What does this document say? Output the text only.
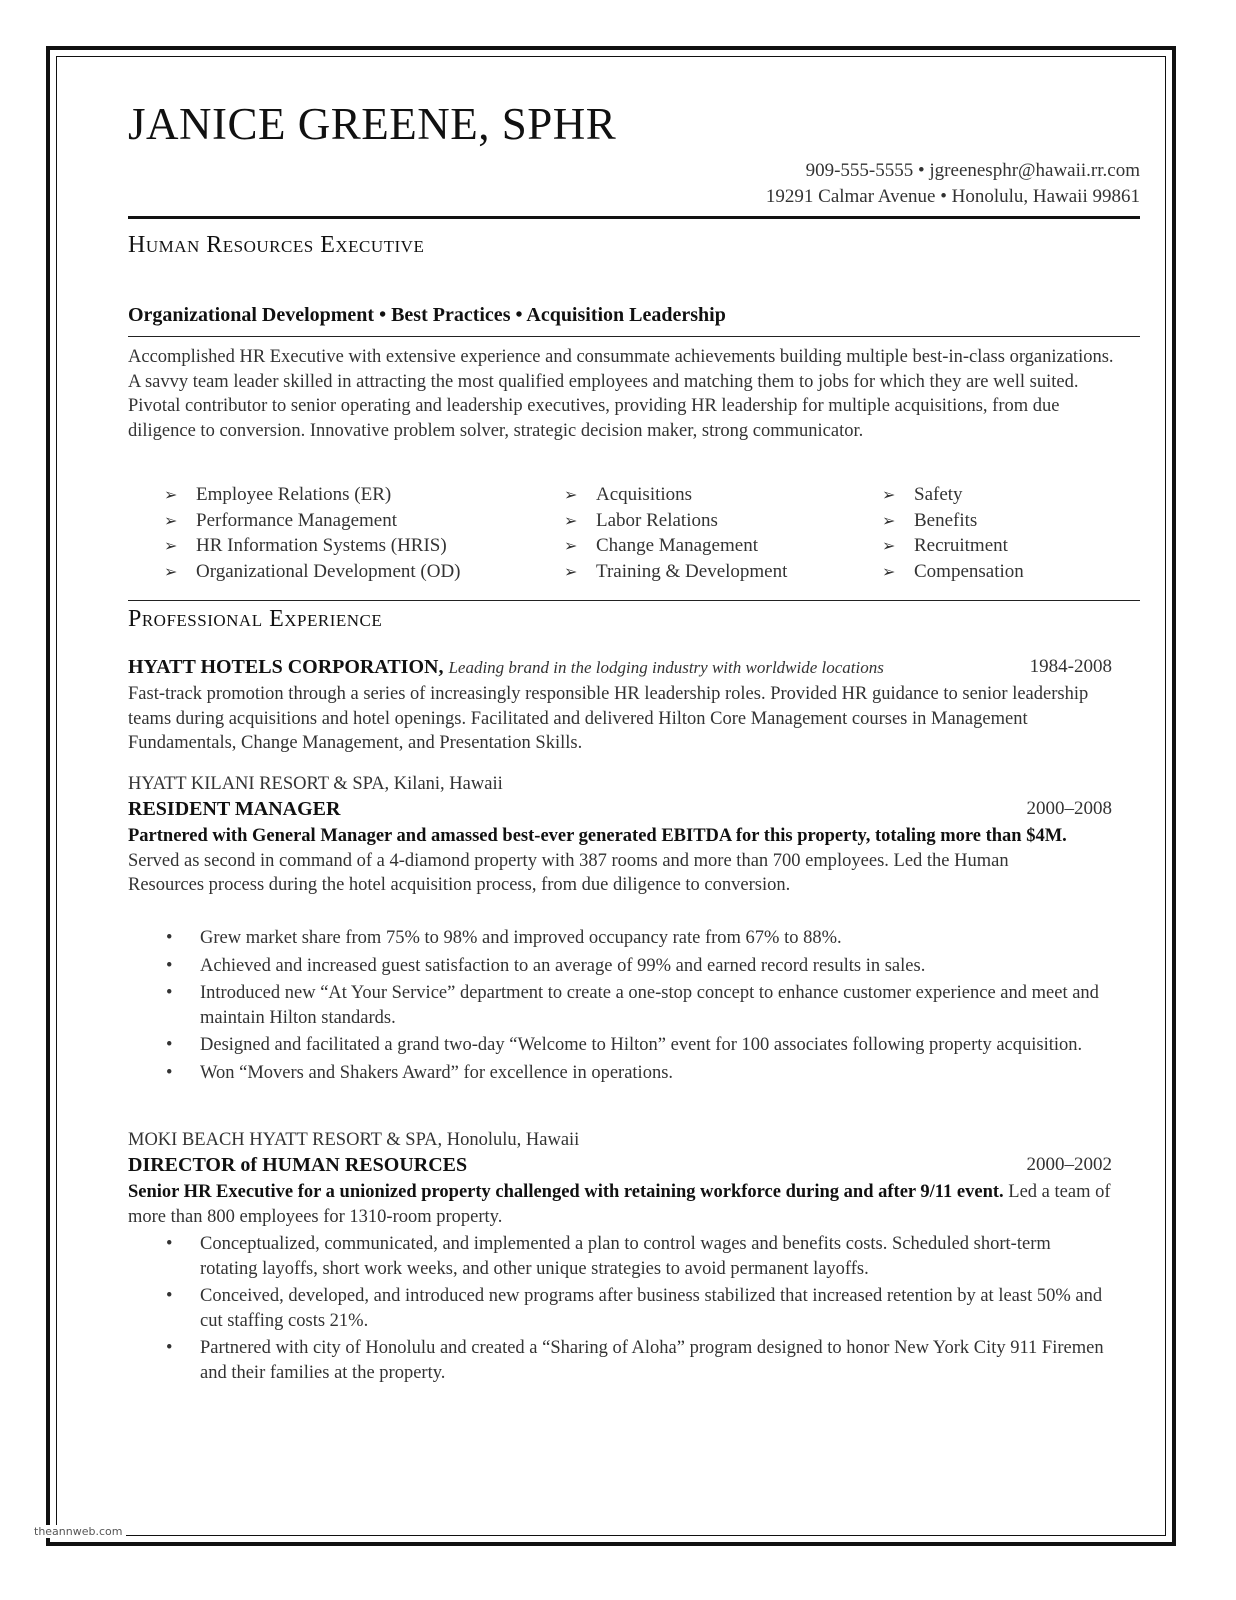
JANICE GREENE, SPHR
909-555-5555 • jgreenesphr@hawaii.rr.com
19291 Calmar Avenue • Honolulu, Hawaii 99861
Human Resources Executive
Organizational Development • Best Practices • Acquisition Leadership

Accomplished HR Executive with extensive experience and consummate achievements building multiple best-in-class organizations. A savvy team leader skilled in attracting the most qualified employees and matching them to jobs for which they are well suited. Pivotal contributor to senior operating and leadership executives, providing HR leadership for multiple acquisitions, from due diligence to conversion. Innovative problem solver, strategic decision maker, strong communicator.

➢ Employee Relations (ER)
➢ Performance Management
➢ HR Information Systems (HRIS)
➢ Organizational Development (OD)
➢ Acquisitions
➢ Labor Relations
➢ Change Management
➢ Training & Development
➢ Safety
➢ Benefits
➢ Recruitment
➢ Compensation
Professional Experience
HYATT HOTELS CORPORATION, Leading brand in the lodging industry with worldwide locations	1984-2008

Fast-track promotion through a series of increasingly responsible HR leadership roles. Provided HR guidance to senior leadership teams during acquisitions and hotel openings. Facilitated and delivered Hilton Core Management courses in Management Fundamentals, Change Management, and Presentation Skills.

HYATT KILANI RESORT & SPA, Kilani, Hawaii
RESIDENT MANAGER	2000–2008

Partnered with General Manager and amassed best-ever generated EBITDA for this property, totaling more than $4M. Served as second in command of a 4-diamond property with 387 rooms and more than 700 employees. Led the Human Resources process during the hotel acquisition process, from due diligence to conversion.

• Grew market share from 75% to 98% and improved occupancy rate from 67% to 88%.
• Achieved and increased guest satisfaction to an average of 99% and earned record results in sales.
• Introduced new “At Your Service” department to create a one-stop concept to enhance customer experience and meet and maintain Hilton standards.
• Designed and facilitated a grand two-day “Welcome to Hilton” event for 100 associates following property acquisition.
• Won “Movers and Shakers Award” for excellence in operations.
MOKI BEACH HYATT RESORT & SPA, Honolulu, Hawaii
DIRECTOR of HUMAN RESOURCES	2000–2002

Senior HR Executive for a unionized property challenged with retaining workforce during and after 9/11 event. Led a team of more than 800 employees for 1310-room property.

• Conceptualized, communicated, and implemented a plan to control wages and benefits costs. Scheduled short-term rotating layoffs, short work weeks, and other unique strategies to avoid permanent layoffs.
• Conceived, developed, and introduced new programs after business stabilized that increased retention by at least 50% and cut staffing costs 21%.
• Partnered with city of Honolulu and created a “Sharing of Aloha” program designed to honor New York City 911 Firemen and their families at the property.
theannweb.com
